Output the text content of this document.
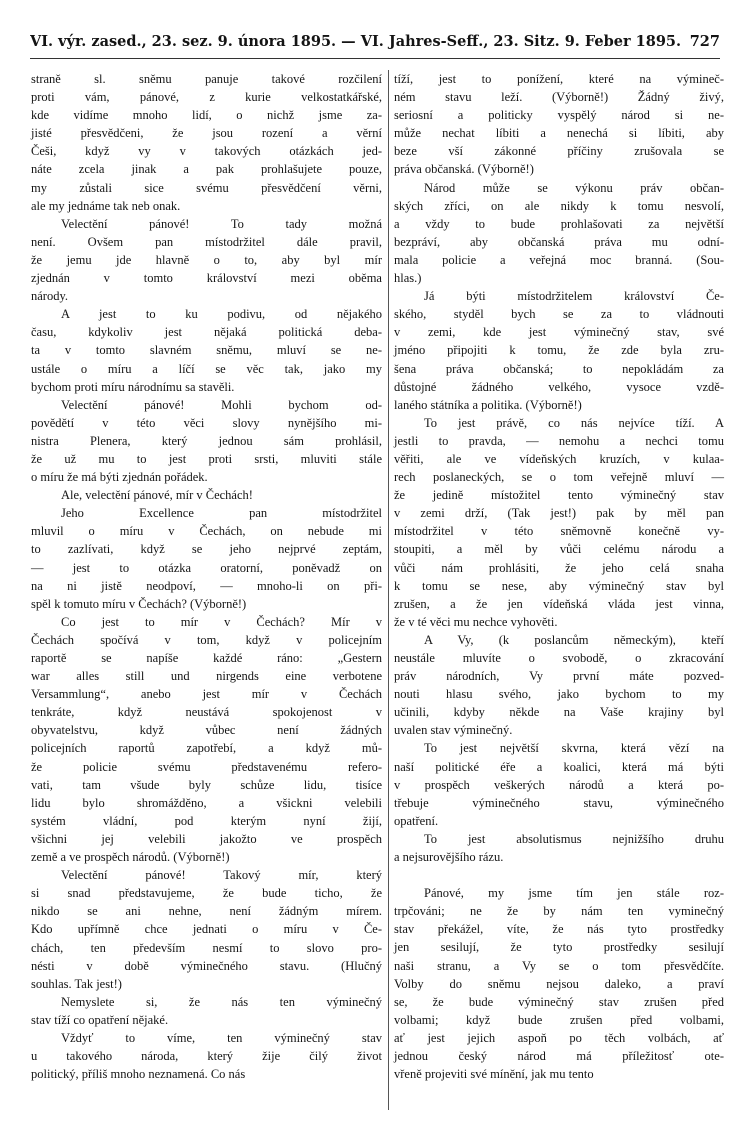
VI. výr. zased., 23. sez. 9. února 1895. — VI. Jahres-Seff., 23. Sitz. 9. Feber 1895. 727
straně sl. sněmu panuje takové rozčilení
proti vám, pánové, z kurie velkostatkářské,
kde vidíme mnoho lidí, o nichž jsme za-
jisté přesvědčeni, že jsou rození a věrní
Češi, když vy v takových otázkách jed-
náte zcela jinak a pak prohlašujete pouze,
my zůstali sice svému přesvědčení věrni,
ale my jednáme tak neb onak.
Velectění pánové! To tady možná
není. Ovšem pan místodržitel dále pravil,
že jemu jde hlavně o to, aby byl mír
zjednán v tomto království mezi oběma
národy.
A jest to ku podivu, od nějakého
času, kdykoliv jest nějaká politická deba-
ta v tomto slavném sněmu, mluví se ne-
ustále o míru a líčí se věc tak, jako my
bychom proti míru národnímu sa stavěli.
Velectění pánové! Mohli bychom od-
povědětí v této věci slovy nynějšího mi-
nistra Plenera, který jednou sám prohlásil,
že už mu to jest proti srsti, mluviti stále
o míru že má býti zjednán pořádek.
Ale, velectění pánové, mír v Čechách!
Jeho Excellence pan místodržitel
mluvil o míru v Čechách, on nebude mi
to zazlívati, když se jeho nejprvé zeptám,
— jest to otázka oratorní, poněvadž on
na ni jistě neodpoví, — mnoho-li on při-
spěl k tomuto míru v Čechách? (Výborně!)
Co jest to mír v Čechách? Mír v
Čechách spočívá v tom, když v policejním
raportě se napíše každé ráno: „Gestern
war alles still und nirgends eine verbotene
Versammlung“, anebo jest mír v Čechách
tenkráte, když neustává spokojenost v
obyvatelstvu, když vůbec není žádných
policejních raportů zapotřebí, a když mů-
že policie svému představenému refero-
vati, tam všude byly schůze lidu, tisíce
lidu bylo shromážděno, a všickni velebili
systém vládní, pod kterým nyní žijí,
všichni jej velebili jakožto ve prospěch
země a ve prospěch národů. (Výborně!)
Velectění pánové! Takový mír, který
si snad představujeme, že bude ticho, že
nikdo se ani nehne, není žádným mírem.
Kdo upřímně chce jednati o míru v Če-
chách, ten především nesmí to slovo pro-
nésti v době výminečného stavu. (Hlučný
souhlas. Tak jest!)
Nemyslete si, že nás ten výminečný
stav tíží co opatření nějaké.
Vždyť to víme, ten výminečný stav
u takového národa, který žije čilý život
politický, příliš mnoho neznamená. Co nás
tíží, jest to ponížení, které na výmineč-
ném stavu leží. (Výborně!) Žádný živý,
seriosní a politicky vyspělý národ si ne-
může nechat líbiti a nenechá si líbiti, aby
beze vší zákonné příčiny zrušovala se
práva občanská. (Výborně!)
Národ může se výkonu práv občan-
ských zříci, on ale nikdy k tomu nesvolí,
a vždy to bude prohlašovati za největší
bezpráví, aby občanská práva mu odní-
mala policie a veřejná moc branná. (Sou-
hlas.)
Já býti místodržitelem království Če-
ského, styděl bych se za to vládnouti
v zemi, kde jest výminečný stav, své
jméno připojiti k tomu, že zde byla zru-
šena práva občanská; to nepokládám za
důstojné žádného velkého, vysoce vzdě-
laného státníka a politika. (Výborně!)
To jest právě, co nás nejvíce tíží. A
jestli to pravda, — nemohu a nechci tomu
věřiti, ale ve vídeňských kruzích, v kulaa-
rech poslaneckých, se o tom veřejně mluví —
že jedině místožitel tento výminečný stav
v zemi drží, (Tak jest!) pak by měl pan
místodržitel v této sněmovně konečně vy-
stoupiti, a měl by vůči celému národu a
vůči nám prohlásiti, že jeho celá snaha
k tomu se nese, aby výminečný stav byl
zrušen, a že jen vídeňská vláda jest vinna,
že v té věci mu nechce vyhověti.
A Vy, (k poslancům německým), kteří
neustále mluvíte o svobodě, o zkracování
práv národních, Vy první máte pozved-
nouti hlasu svého, jako bychom to my
učinili, kdyby někde na Vaše krajiny byl
uvalen stav výminečný.
To jest největší skvrna, která vězí na
naší politické éře a koalici, která má býti
v prospěch veškerých národů a která po-
třebuje výminečného stavu, výminečného
opatření.
To jest absolutismus nejnižšího druhu
a nejsurovějšího rázu.
Pánové, my jsme tím jen stále roz-
trpčováni; ne že by nám ten vyminečný
stav překážel, víte, že nás tyto prostředky
jen sesilují, že tyto prostředky sesilují
naši stranu, a Vy se o tom přesvědčíte.
Volby do sněmu nejsou daleko, a praví
se, že bude výminečný stav zrušen před
volbami; když bude zrušen před volbami,
ať jest jejich aspoň po těch volbách, ať
jednou český národ má příležitosť ote-
vřeně projeviti své mínění, jak mu tento
